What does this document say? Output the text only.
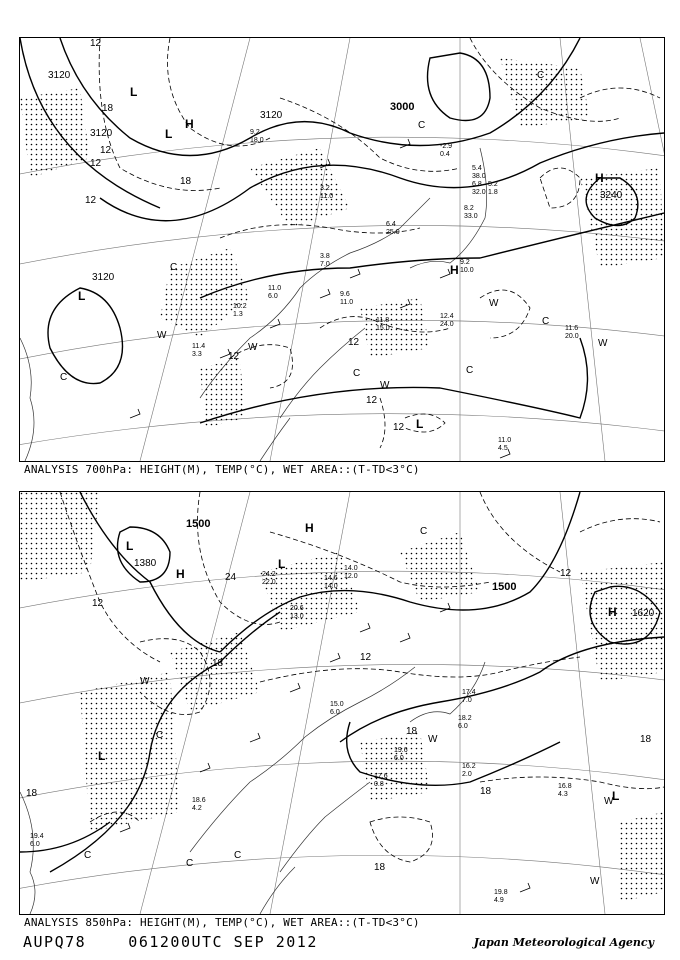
3120
3120
3120
3120
3000
3240
12
12
12
12
12
12
18
18
12
12
L
L
L
H
H
H
L
W
W
W
W
W
C
C
C
C	C
C
C
11.0
4.5
12.4
24.0
11.8
15.0
9.6
11.0
10.2
1.3
11.0
6.0
11.4
3.3
9.2
10.0
8.2
33.0
5.4
38.0
6.8 5.2
32.0 1.8
-2.9
0.4
3.2
11.0
11.6
20.0
3.8
7.0
9.2
18.0
6.4
25.0
ANALYSIS 700hPa: HEIGHT(M), TEMP(°C), WET AREA::(T-TD<3°C)
1500
1380
1500
1620
24
18
18
18
18
18
12
12
12
18
L
H
H
L
H
L
L
W
W
W
W
C
C
C
C
C
19.8
4.9
16.2
2.0
16.8
4.3
17.6
0.8
19.6
6.0
17.4
7.0
18.2
6.0
14.0
12.0
20.6
13.0
24.2
22.0
14.6
14.0
15.0
6.0
19.4
6.0
18.6
4.2
ANALYSIS 850hPa: HEIGHT(M), TEMP(°C), WET AREA::(T-TD<3°C)
AUPQ78    061200UTC SEP 2012	Japan Meteorological Agency
